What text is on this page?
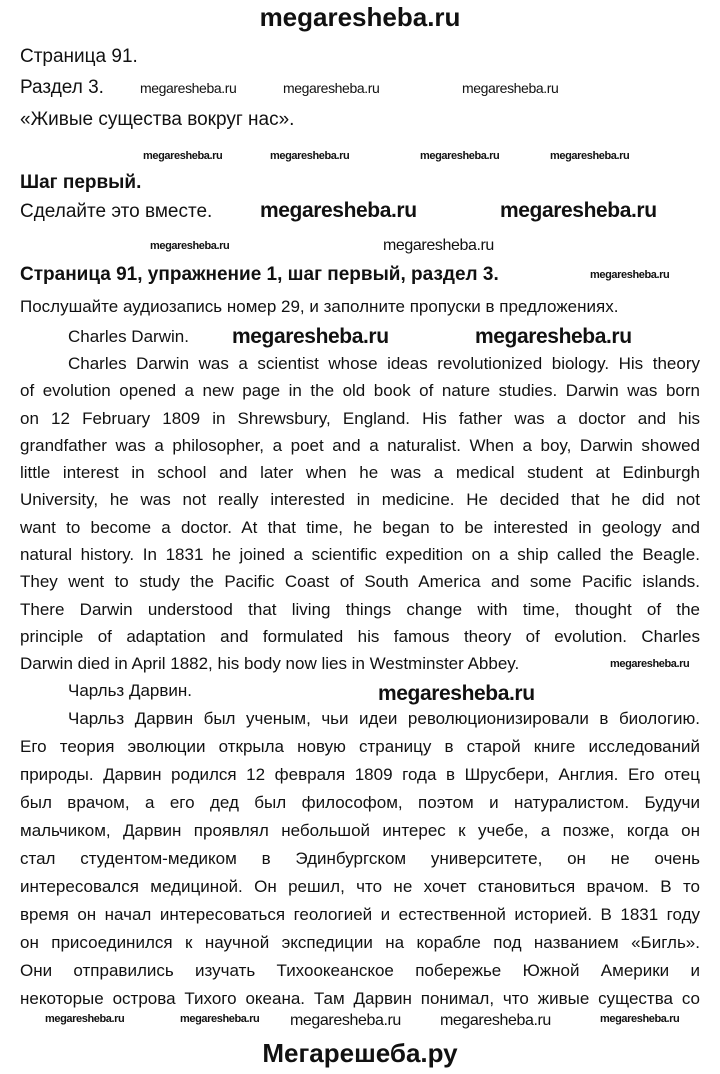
megaresheba.ru
Страница 91.
Раздел 3.
«Живые существа вокруг нас».
Шаг первый.
Сделайте это вместе.
Страница 91, упражнение 1, шаг первый, раздел 3.
Послушайте аудиозапись номер 29, и заполните пропуски в предложениях.
Charles Darwin.
Charles Darwin was a scientist whose ideas revolutionized biology. His theory
of evolution opened a new page in the old book of nature studies. Darwin was born
on 12 February 1809 in Shrewsbury, England. His father was a doctor and his
grandfather was a philosopher, a poet and a naturalist. When a boy, Darwin showed
little interest in school and later when he was a medical student at Edinburgh
University, he was not really interested in medicine. He decided that he did not
want to become a doctor. At that time, he began to be interested in geology and
natural history. In 1831 he joined a scientific expedition on a ship called the Beagle.
They went to study the Pacific Coast of South America and some Pacific islands.
There Darwin understood that living things change with time, thought of the
principle of adaptation and formulated his famous theory of evolution. Charles
Darwin died in April 1882, his body now lies in Westminster Abbey.
Чарльз Дарвин.
Чарльз Дарвин был ученым, чьи идеи революционизировали в биологию.
Его теория эволюции открыла новую страницу в старой книге исследований
природы. Дарвин родился 12 февраля 1809 года в Шрусбери, Англия. Его отец
был врачом, а его дед был философом, поэтом и натуралистом. Будучи
мальчиком, Дарвин проявлял небольшой интерес к учебе, а позже, когда он
стал студентом-медиком в Эдинбургском университете, он не очень
интересовался медициной. Он решил, что не хочет становиться врачом. В то
время он начал интересоваться геологией и естественной историей. В 1831 году
он присоединился к научной экспедиции на корабле под названием «Бигль».
Они отправились изучать Тихоокеанское побережье Южной Америки и
некоторые острова Тихого океана. Там Дарвин понимал, что живые существа со
megaresheba.ru	megaresheba.ru	megaresheba.ru
megaresheba.ru	megaresheba.ru	megaresheba.ru	megaresheba.ru
megaresheba.ru	megaresheba.ru
megaresheba.ru	megaresheba.ru
megaresheba.ru
megaresheba.ru	megaresheba.ru
megaresheba.ru
megaresheba.ru
megaresheba.ru	megaresheba.ru megaresheba.ru megaresheba.ru	megaresheba.ru
Мегарешеба.ру
